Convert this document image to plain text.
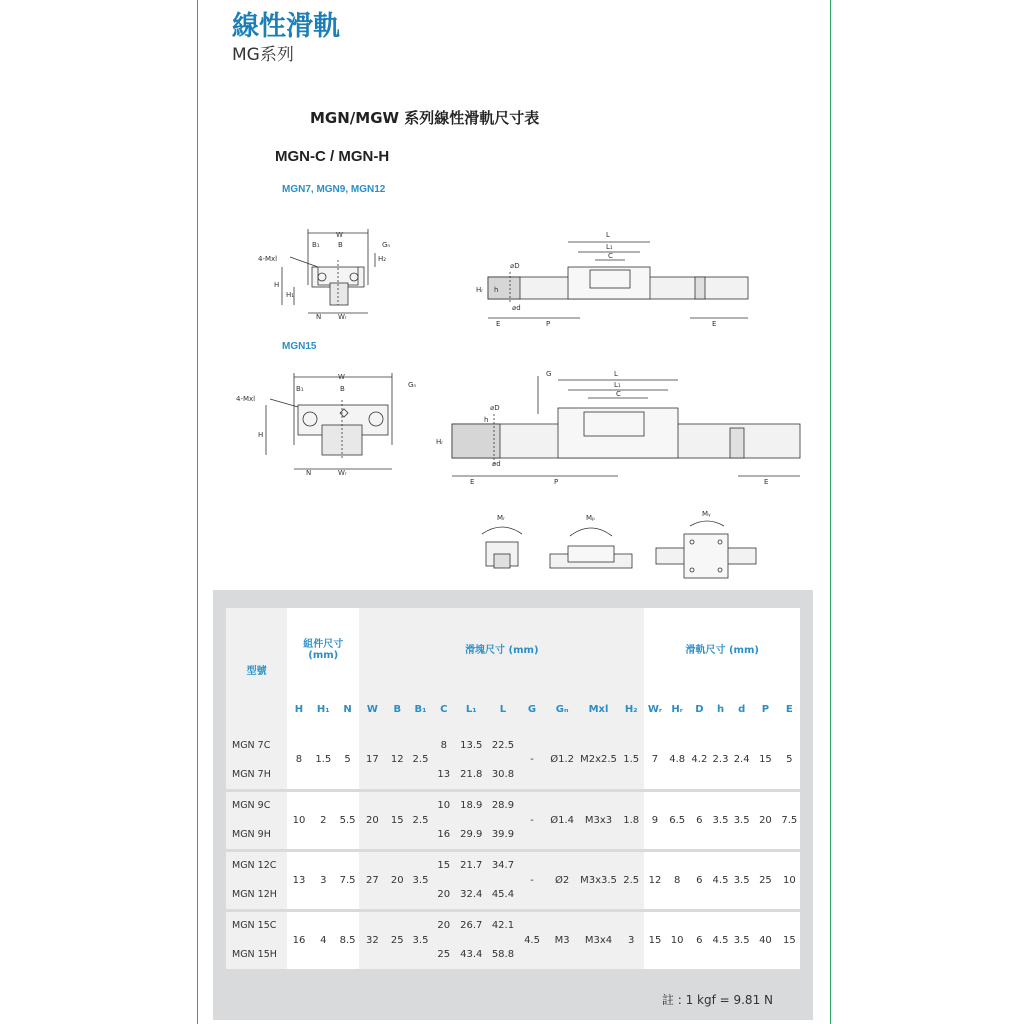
線性滑軌
MG系列
MGN/MGW 系列線性滑軌尺寸表
MGN-C / MGN-H
MGN7, MGN9, MGN12
MGN15
W
B₁	B	Gₙ
4-Mxl
H
H₁
H₂
N Wᵣ
L
L₁
C
⌀D
h
Hᵣ
⌀d
E	P	E
W
B₁	B	Gₙ
4-Mxl
H
N	Wᵣ
G	L
L₁
C
⌀D
h
Hᵣ
⌀d
E	P	E
Mᵣ	Mₚ	Mᵧ
型號	組件尺寸
(mm)			滑塊尺寸 (mm)										滑軌尺寸 (mm)						
	H	H₁	N	W	B	B₁	C	L₁	L	G	Gₙ	Mxl	H₂	Wᵣ	Hᵣ	D	h	d	P	E
MGN 7C	8	1.5	5	17	12	2.5	8	13.5	22.5	-	Ø1.2	M2x2.5	1.5	7	4.8	4.2	2.3	2.4	15	5
MGN 7H							13	21.8	30.8											
MGN 9C	10	2	5.5	20	15	2.5	10	18.9	28.9	-	Ø1.4	M3x3	1.8	9	6.5	6	3.5	3.5	20	7.5
MGN 9H							16	29.9	39.9											
MGN 12C	13	3	7.5	27	20	3.5	15	21.7	34.7	-	Ø2	M3x3.5	2.5	12	8	6	4.5	3.5	25	10
MGN 12H							20	32.4	45.4											
MGN 15C	16	4	8.5	32	25	3.5	20	26.7	42.1	4.5	M3	M3x4	3	15	10	6	4.5	3.5	40	15
MGN 15H							25	43.4	58.8											
註 : 1 kgf = 9.81 N
